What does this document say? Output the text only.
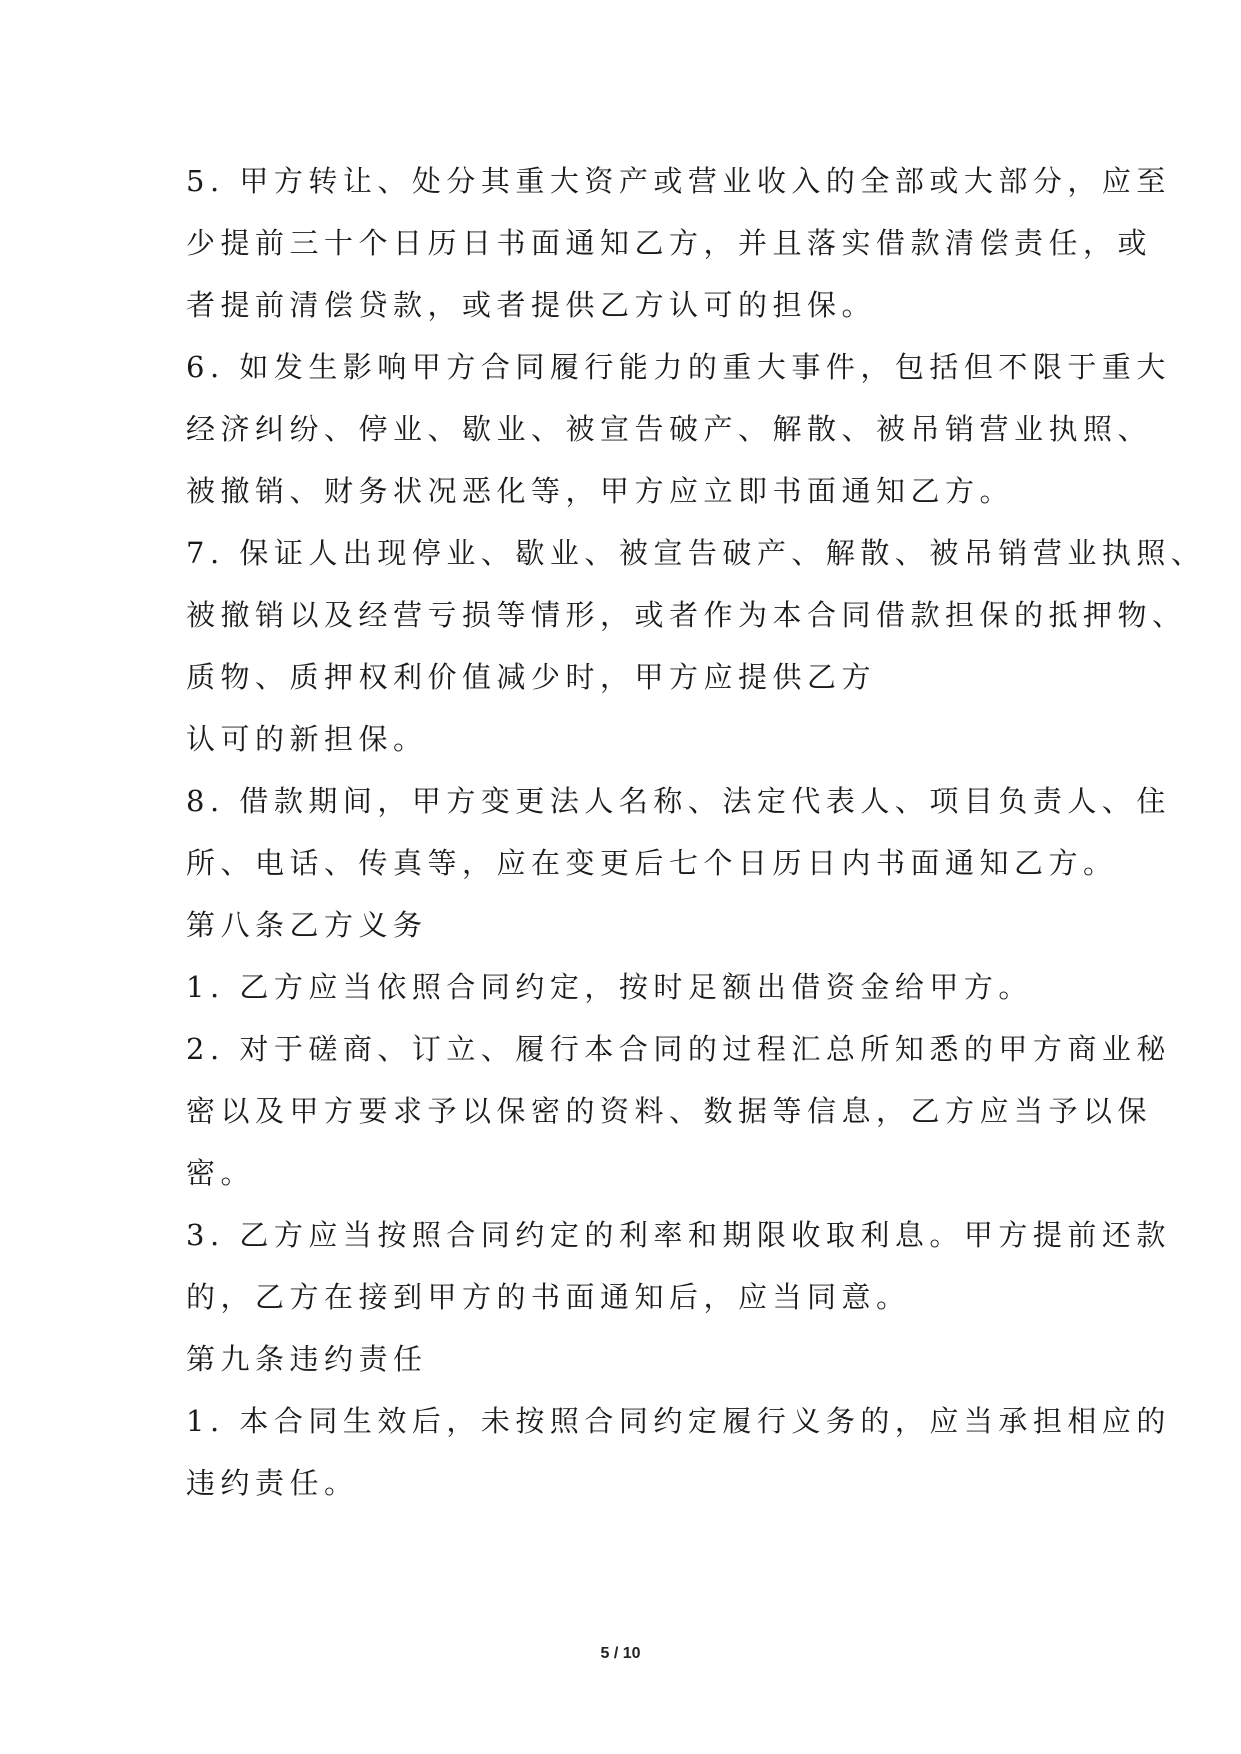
5. 甲方转让、处分其重大资产或营业收入的全部或大部分，应至
少提前三十个日历日书面通知乙方，并且落实借款清偿责任，或
者提前清偿贷款，或者提供乙方认可的担保。
6. 如发生影响甲方合同履行能力的重大事件，包括但不限于重大
经济纠纷、停业、歇业、被宣告破产、解散、被吊销营业执照、
被撤销、财务状况恶化等，甲方应立即书面通知乙方。
7. 保证人出现停业、歇业、被宣告破产、解散、被吊销营业执照、
被撤销以及经营亏损等情形，或者作为本合同借款担保的抵押物、
质物、质押权利价值减少时，甲方应提供乙方
认可的新担保。
8. 借款期间，甲方变更法人名称、法定代表人、项目负责人、住
所、电话、传真等，应在变更后七个日历日内书面通知乙方。
第八条乙方义务
1. 乙方应当依照合同约定，按时足额出借资金给甲方。
2. 对于磋商、订立、履行本合同的过程汇总所知悉的甲方商业秘
密以及甲方要求予以保密的资料、数据等信息，乙方应当予以保
密。
3. 乙方应当按照合同约定的利率和期限收取利息。甲方提前还款
的，乙方在接到甲方的书面通知后，应当同意。
第九条违约责任
1. 本合同生效后，未按照合同约定履行义务的，应当承担相应的
违约责任。
5 / 10
